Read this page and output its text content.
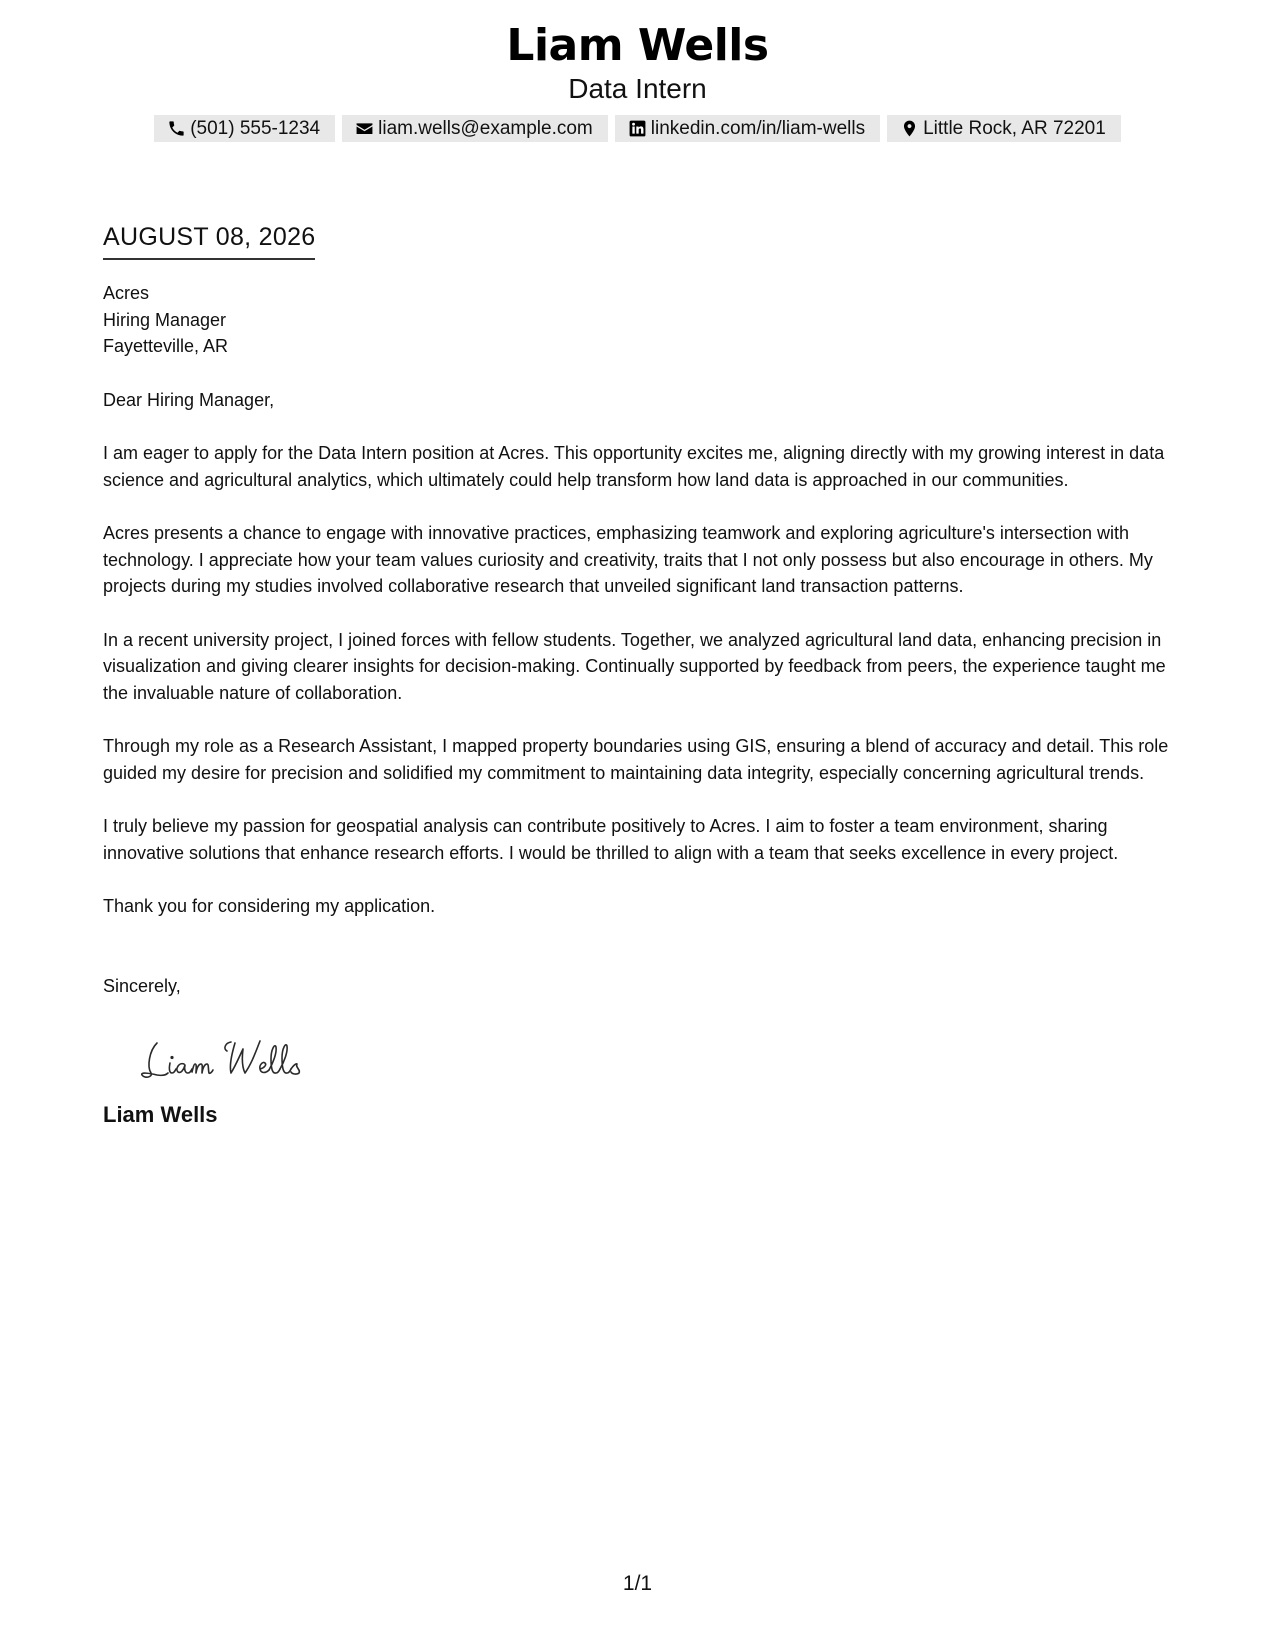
Liam Wells
Data Intern
(501) 555-1234	liam.wells@example.com	linkedin.com/in/liam-wells	Little Rock, AR 72201
AUGUST 08, 2026
Acres
Hiring Manager
Fayetteville, AR
Dear Hiring Manager,
I am eager to apply for the Data Intern position at Acres. This opportunity excites me, aligning directly with my growing interest in data science and agricultural analytics, which ultimately could help transform how land data is approached in our communities.
Acres presents a chance to engage with innovative practices, emphasizing teamwork and exploring agriculture's intersection with technology. I appreciate how your team values curiosity and creativity, traits that I not only possess but also encourage in others. My projects during my studies involved collaborative research that unveiled significant land transaction patterns.
In a recent university project, I joined forces with fellow students. Together, we analyzed agricultural land data, enhancing precision in visualization and giving clearer insights for decision-making. Continually supported by feedback from peers, the experience taught me the invaluable nature of collaboration.
Through my role as a Research Assistant, I mapped property boundaries using GIS, ensuring a blend of accuracy and detail. This role guided my desire for precision and solidified my commitment to maintaining data integrity, especially concerning agricultural trends.
I truly believe my passion for geospatial analysis can contribute positively to Acres. I aim to foster a team environment, sharing innovative solutions that enhance research efforts. I would be thrilled to align with a team that seeks excellence in every project.
Thank you for considering my application.
Sincerely,
Liam Wells
1/1
